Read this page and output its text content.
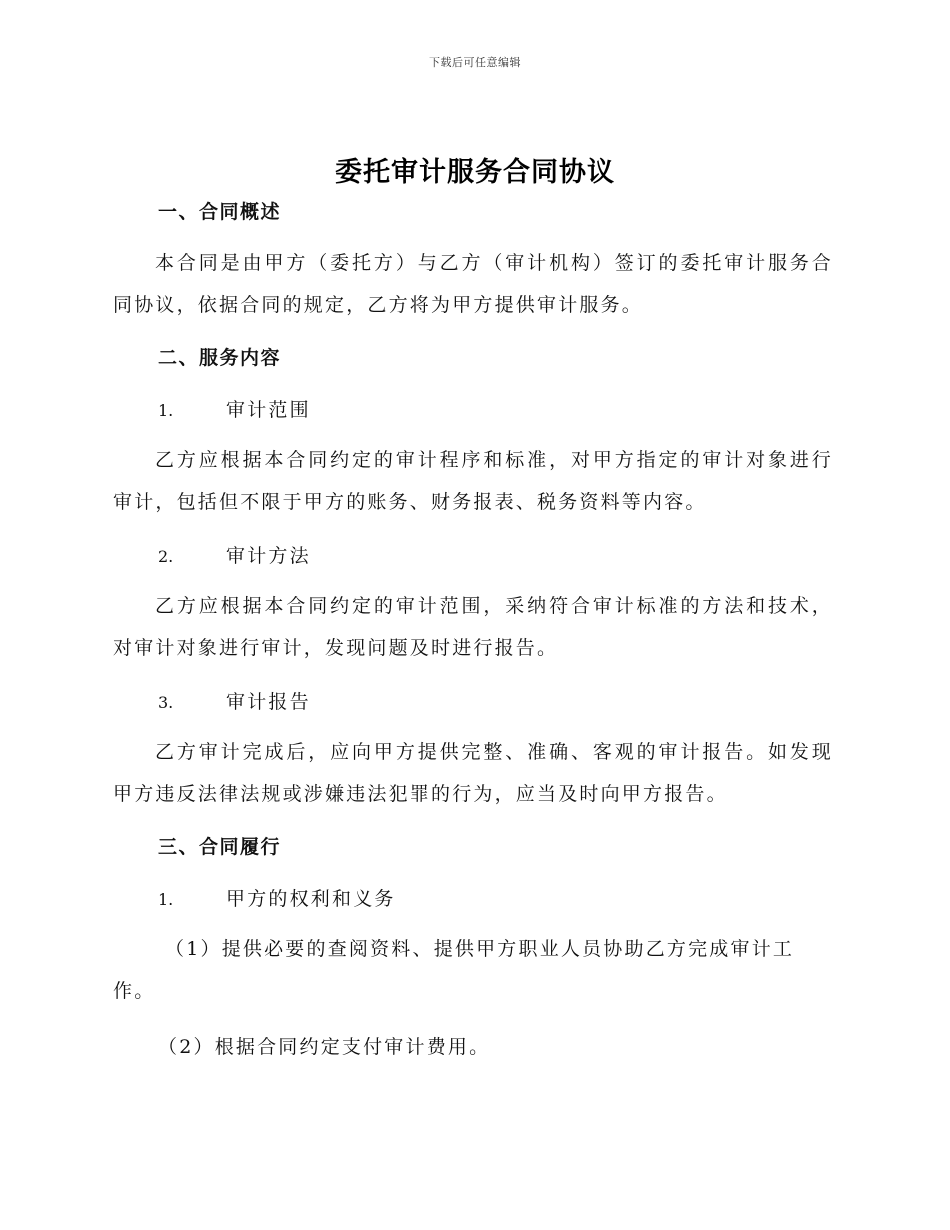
下载后可任意编辑
委托审计服务合同协议
一、合同概述
本合同是由甲方（委托方）与乙方（审计机构）签订的委托审计服务合同协议，依据合同的规定，乙方将为甲方提供审计服务。
二、服务内容
1.	审计范围
乙方应根据本合同约定的审计程序和标准，对甲方指定的审计对象进行审计，包括但不限于甲方的账务、财务报表、税务资料等内容。
2.	审计方法
乙方应根据本合同约定的审计范围，采纳符合审计标准的方法和技术，对审计对象进行审计，发现问题及时进行报告。
3.	审计报告
乙方审计完成后，应向甲方提供完整、准确、客观的审计报告。如发现甲方违反法律法规或涉嫌违法犯罪的行为，应当及时向甲方报告。
三、合同履行
1.	甲方的权利和义务
（1）提供必要的查阅资料、提供甲方职业人员协助乙方完成审计工
作。
（2）根据合同约定支付审计费用。
